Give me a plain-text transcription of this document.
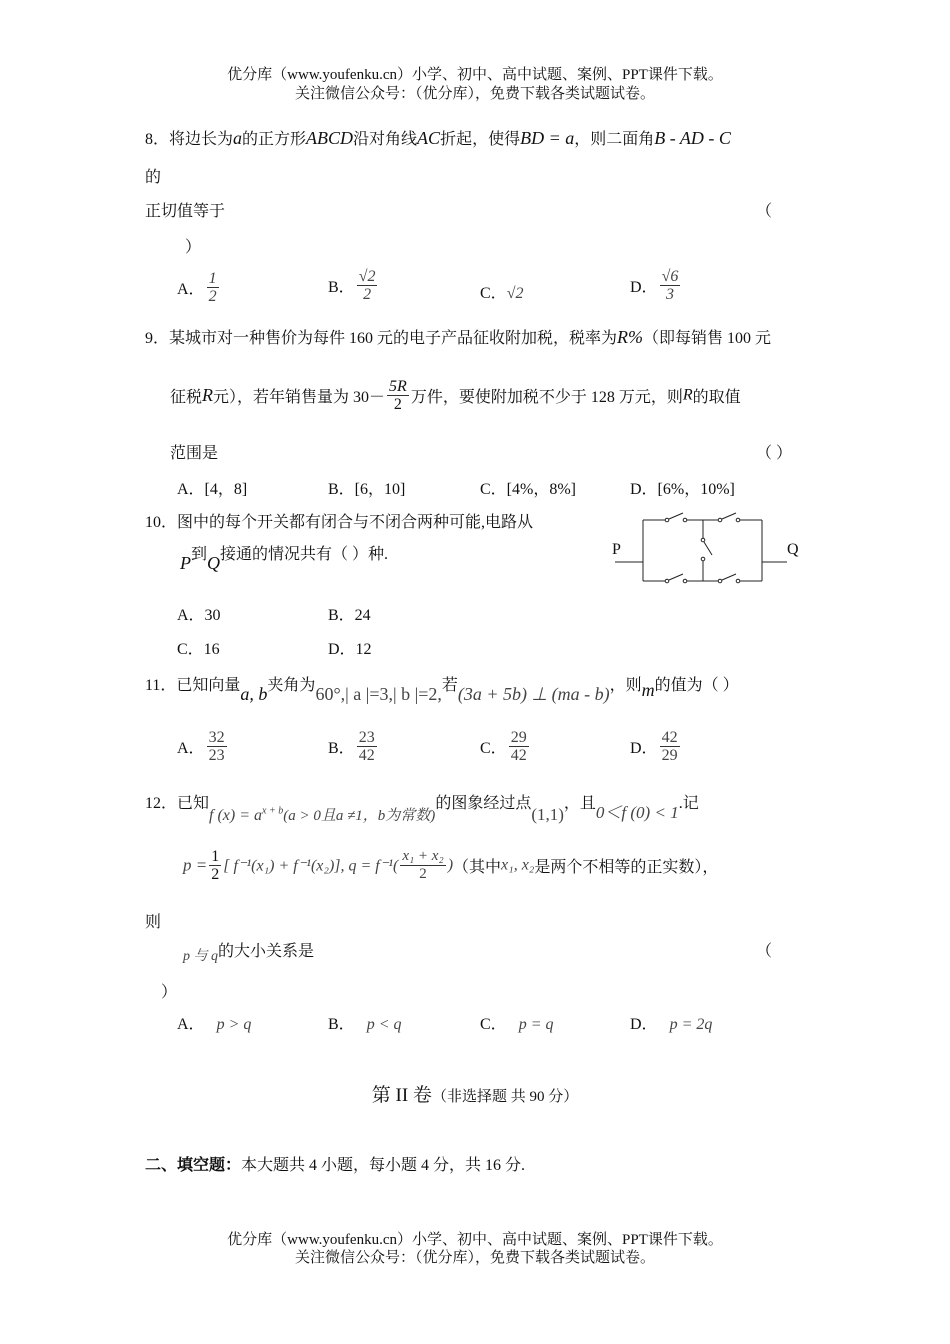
优分库（www.youfenku.cn）小学、初中、高中试题、案例、PPT课件下载。
关注微信公众号：（优分库），免费下载各类试题试卷。
8．将边长为a的正方形ABCD沿对角线AC折起，使得BD = a，则二面角B - AD - C
的
正切值等于	（
）
A． $\frac{1}{2}$	B． $\frac{√2}{2}$	C．√2	D． $\frac{√6}{3}$
9．某城市对一种售价为每件 160 元的电子产品征收附加税，税率为R%（即每销售 100 元
征税R元），若年销售量为 $30- \frac{5R}{2}$ 万件，要使附加税不少于 128 万元，则R的取值
范围是	（ ）
A．[4，8]	B．[6，10]	C．[4%，8%]	D．[6%，10%]
10．图中的每个开关都有闭合与不闭合两种可能,电路从
P到Q接通的情况共有（ ）种.	P	Q
A．30	B．24
C．16	D．12
11．已知向量a, b夹角为60°,| a |=3,| b |=2,若(3a + 5b) ⊥ (ma - b)，则m的值为（ ）
A． $\frac{32}{23}$	B． $\frac{23}{42}$	C． $\frac{29}{42}$	D． $\frac{42}{29}$
12．已知f $(x) = a^{x + b}(a > 0$且a ≠1，b为常数)的图象经过点(1,1)，且0＜f (0) < 1.记
$p = \frac{1}{2}$ [ f⁻¹(x₁) + f⁻¹(x₂)], $q = f^{-1}( \frac{\text{x₁ + x₂}}{2}$ )（其中x₁, x₂是两个不相等的正实数），
则
p 与 q的大小关系是	（
）
A． p > q	B． p < q	C． p = q	D． p = 2q
第 II 卷（非选择题 共 90 分）
二、填空题：本大题共 4 小题，每小题 4 分，共 16 分.
优分库（www.youfenku.cn）小学、初中、高中试题、案例、PPT课件下载。
关注微信公众号：（优分库），免费下载各类试题试卷。
